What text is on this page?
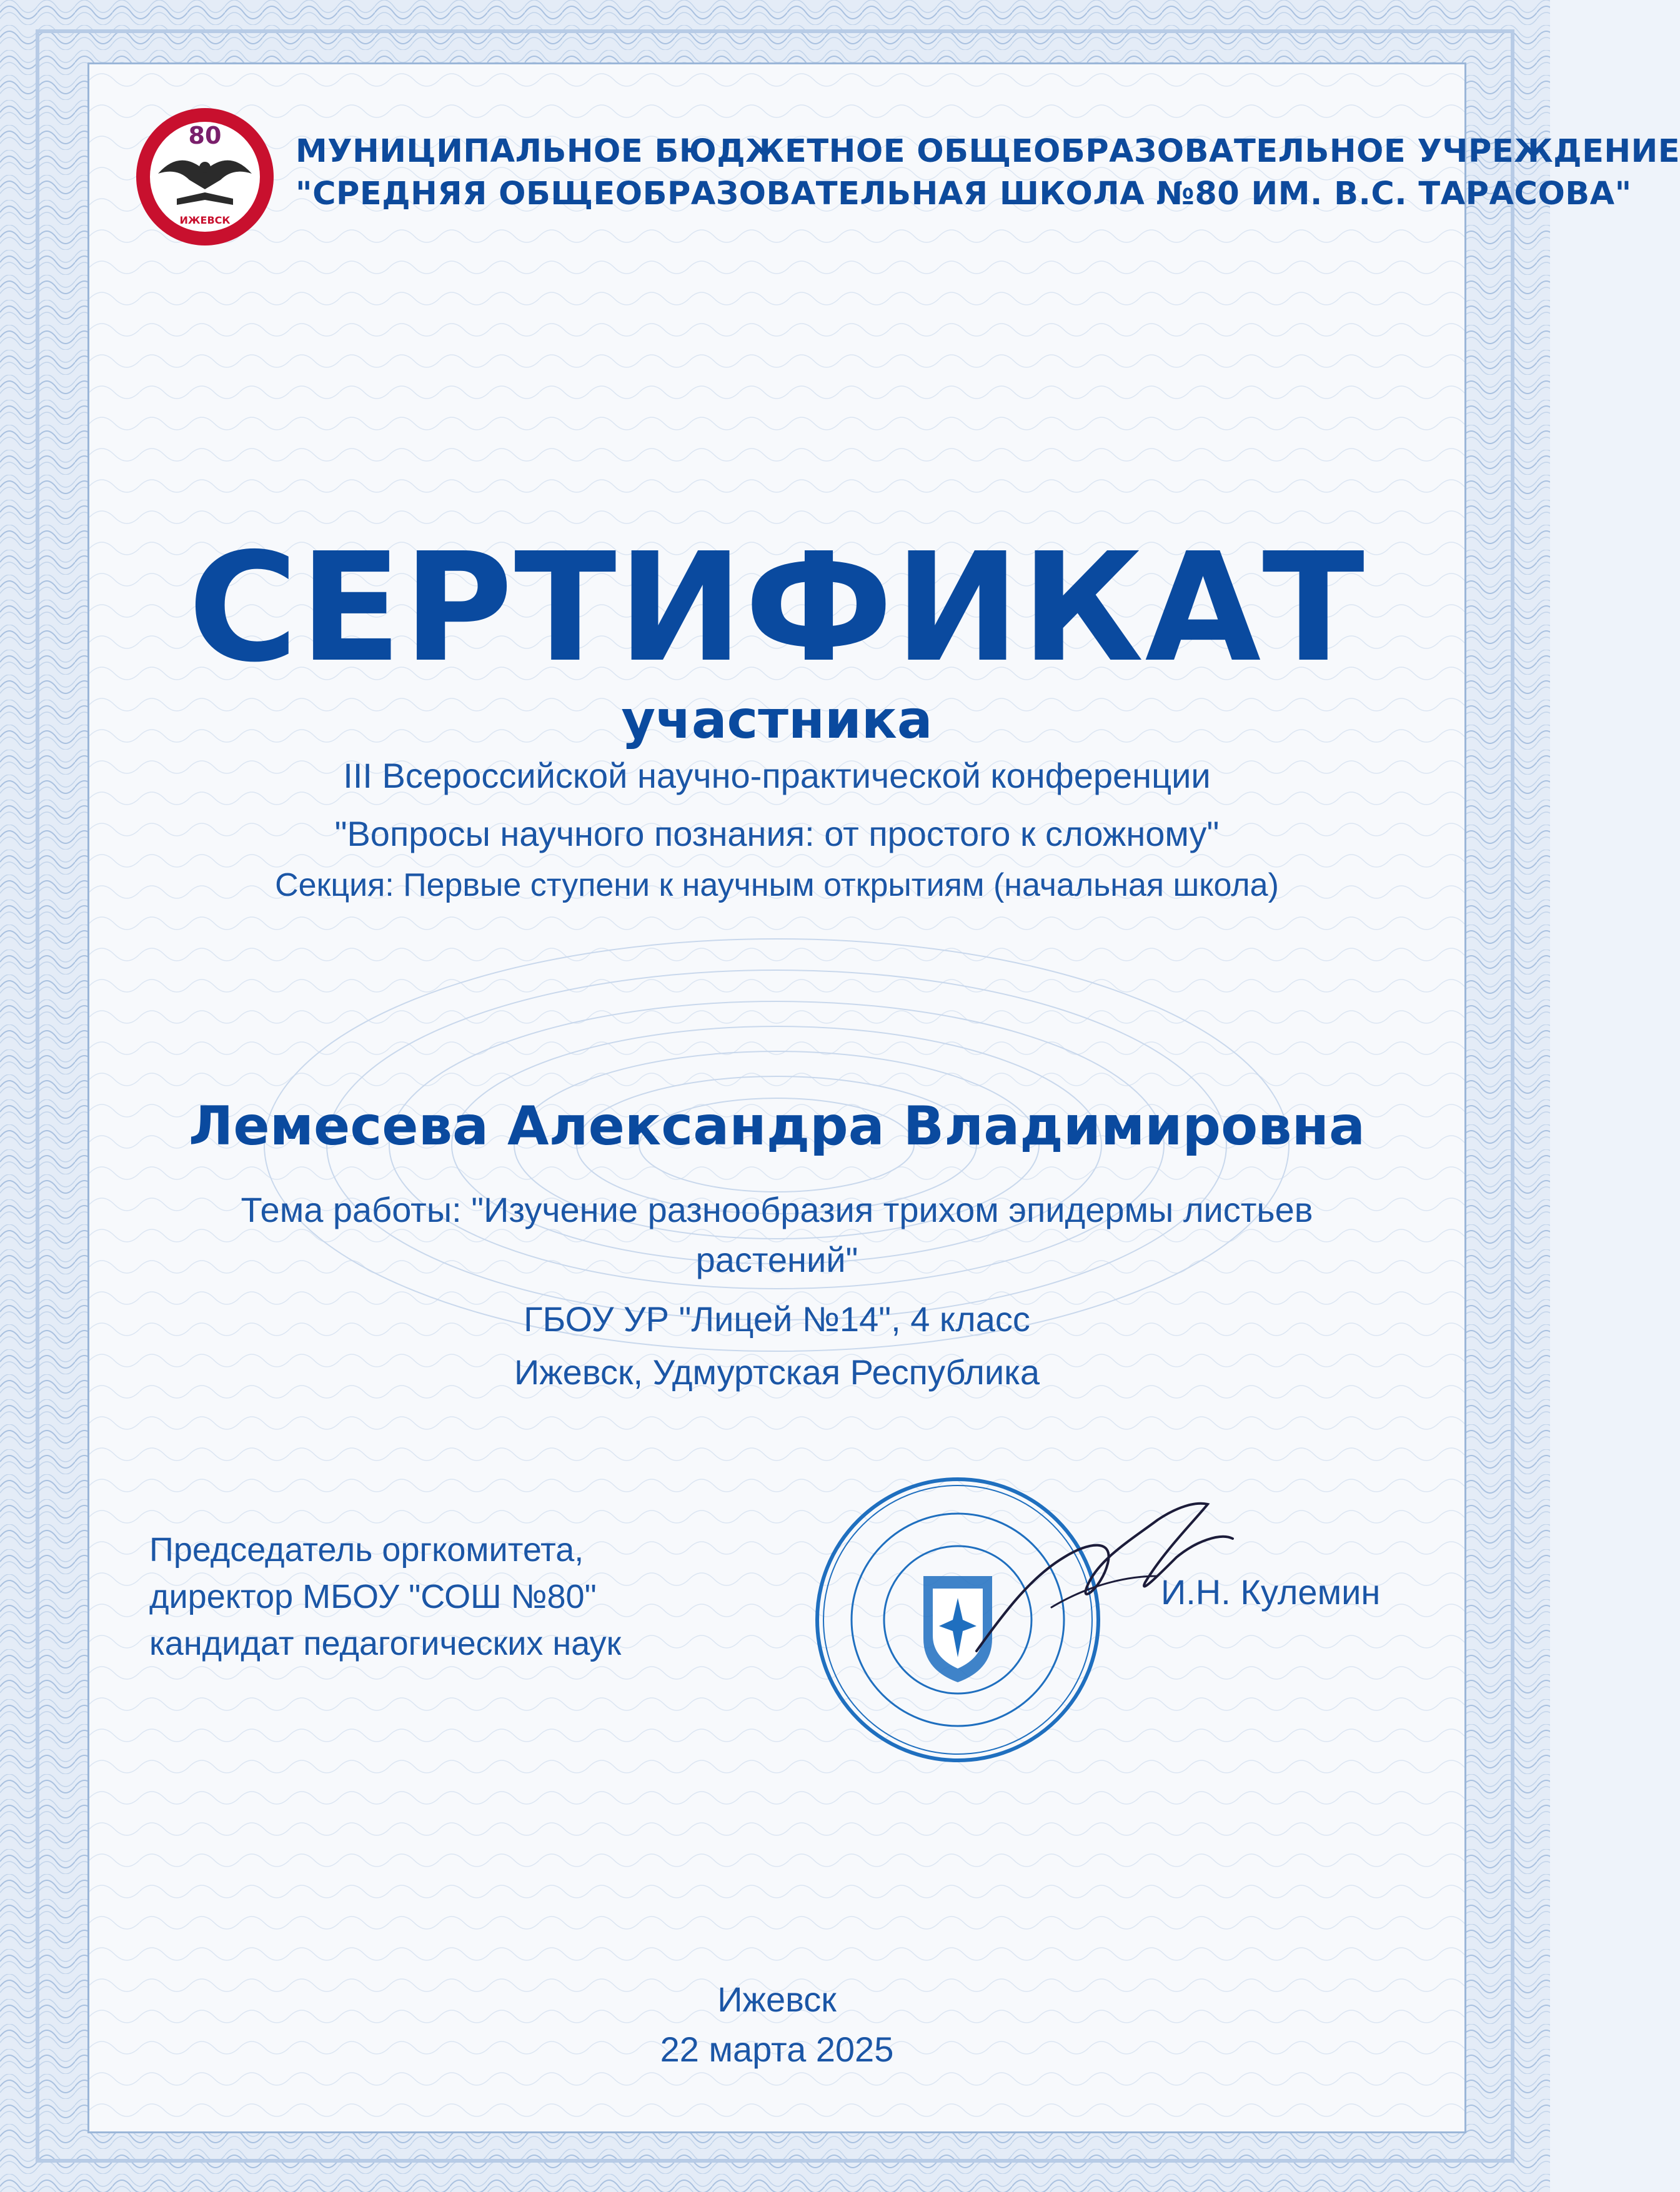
80
ИЖЕВСК
МУНИЦИПАЛЬНОЕ БЮДЖЕТНОЕ ОБЩЕОБРАЗОВАТЕЛЬНОЕ УЧРЕЖДЕНИЕ
"СРЕДНЯЯ ОБЩЕОБРАЗОВАТЕЛЬНАЯ ШКОЛА №80 ИМ. В.С. ТАРАСОВА"
СЕРТИФИКАТ
участника
III Всероссийской научно-практической конференции
"Вопросы научного познания: от простого к сложному"
Секция: Первые ступени к научным открытиям (начальная школа)
Лемесева Александра Владимировна
Тема работы: "Изучение разнообразия трихом эпидермы листьев
растений"
ГБОУ УР "Лицей №14", 4 класс
Ижевск, Удмуртская Республика
Председатель оргкомитета,
директор МБОУ "СОШ №80"
кандидат педагогических наук
И.Н. Кулемин
Ижевск
22 марта 2025
